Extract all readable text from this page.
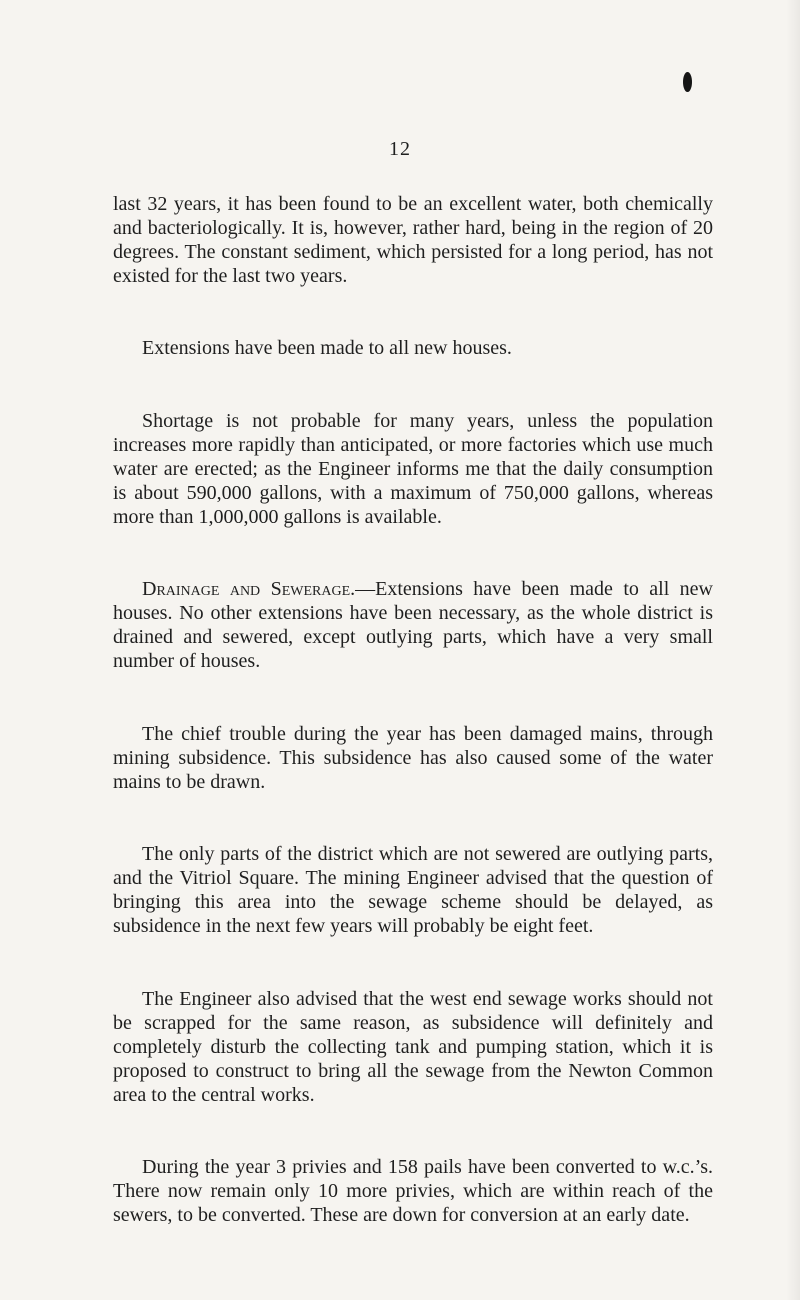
12

last 32 years, it has been found to be an excellent water, both chemically and bacteriologically. It is, however, rather hard, being in the region of 20 degrees. The constant sediment, which persisted for a long period, has not existed for the last two years.

Extensions have been made to all new houses.

Shortage is not probable for many years, unless the population increases more rapidly than anticipated, or more factories which use much water are erected; as the Engineer informs me that the daily consumption is about 590,000 gallons, with a maximum of 750,000 gallons, whereas more than 1,000,000 gallons is available.

Drainage and Sewerage.—Extensions have been made to all new houses. No other extensions have been necessary, as the whole district is drained and sewered, except outlying parts, which have a very small number of houses.

The chief trouble during the year has been damaged mains, through mining subsidence. This subsidence has also caused some of the water mains to be drawn.

The only parts of the district which are not sewered are outlying parts, and the Vitriol Square. The mining Engineer advised that the question of bringing this area into the sewage scheme should be delayed, as subsidence in the next few years will probably be eight feet.

The Engineer also advised that the west end sewage works should not be scrapped for the same reason, as subsidence will definitely and completely disturb the collecting tank and pumping station, which it is proposed to construct to bring all the sewage from the Newton Common area to the central works.

During the year 3 privies and 158 pails have been converted to w.c.’s. There now remain only 10 more privies, which are within reach of the sewers, to be converted. These are down for conversion at an early date.
